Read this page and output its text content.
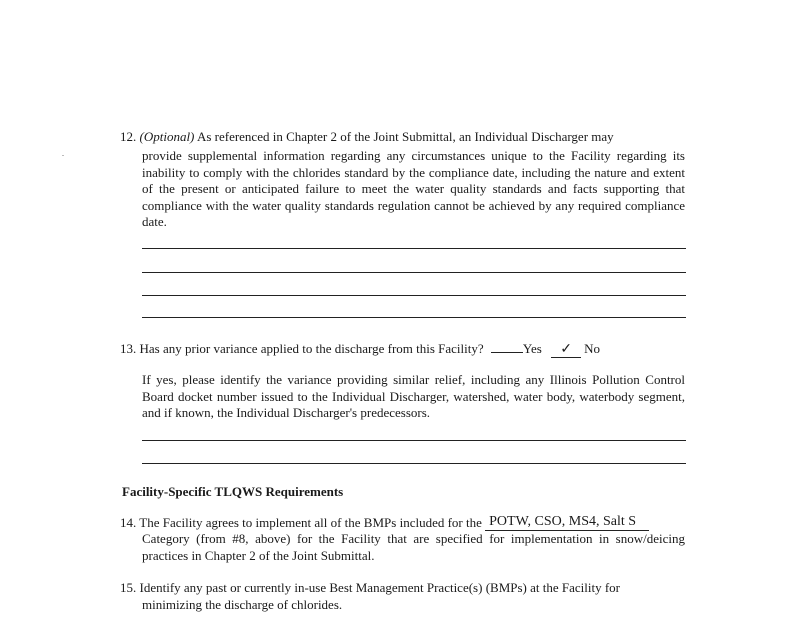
12. (Optional) As referenced in Chapter 2 of the Joint Submittal, an Individual Discharger may
provide supplemental information regarding any circumstances unique to the Facility regarding its inability to comply with the chlorides standard by the compliance date, including the nature and extent of the present or anticipated failure to meet the water quality standards and facts supporting that compliance with the water quality standards regulation cannot be achieved by any required compliance date.
13. Has any prior variance applied to the discharge from this Facility?	Yes ✓ No
If yes, please identify the variance providing similar relief, including any Illinois Pollution Control Board docket number issued to the Individual Discharger, watershed, water body, waterbody segment, and if known, the Individual Discharger's predecessors.
Facility-Specific TLQWS Requirements
14. The Facility agrees to implement all of the BMPs included for the POTW, CSO, MS4, Salt S
Category (from #8, above) for the Facility that are specified for implementation in snow/deicing practices in Chapter 2 of the Joint Submittal.
15. Identify any past or currently in-use Best Management Practice(s) (BMPs) at the Facility for
minimizing the discharge of chlorides.
